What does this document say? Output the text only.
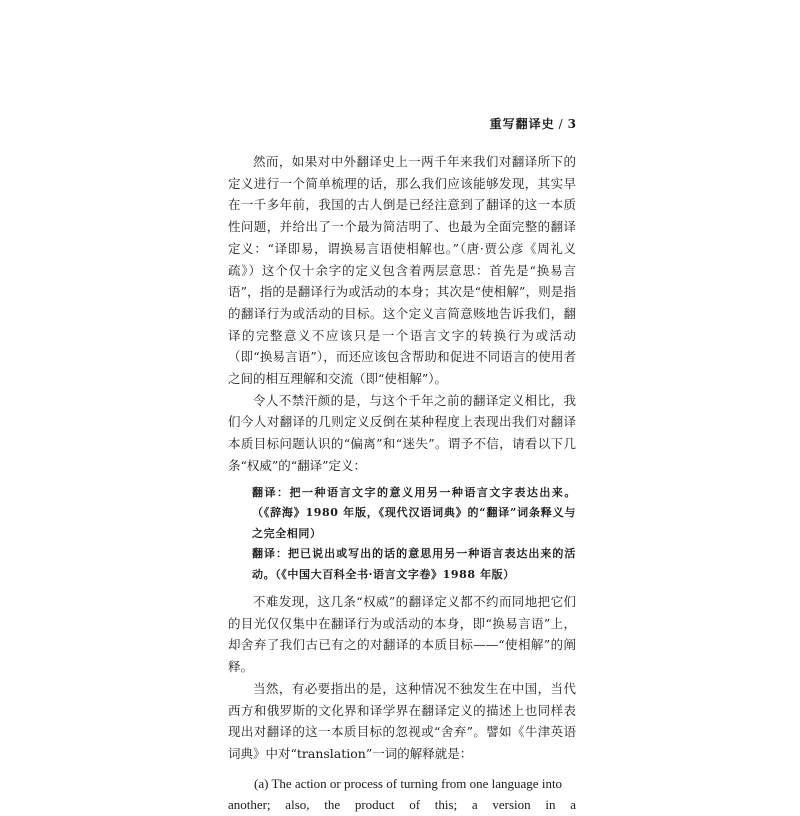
重写翻译史 / 3

然而，如果对中外翻译史上一两千年来我们对翻译所下的定义进行一个简单梳理的话，那么我们应该能够发现，其实早在一千多年前，我国的古人倒是已经注意到了翻译的这一本质性问题，并给出了一个最为简洁明了、也最为全面完整的翻译定义：“译即易，谓换易言语使相解也。”（唐·贾公彦《周礼义疏》）这个仅十余字的定义包含着两层意思：首先是“换易言语”，指的是翻译行为或活动的本身；其次是“使相解”，则是指的翻译行为或活动的目标。这个定义言简意赅地告诉我们，翻译的完整意义不应该只是一个语言文字的转换行为或活动（即“换易言语”），而还应该包含帮助和促进不同语言的使用者之间的相互理解和交流（即“使相解”）。

令人不禁汗颜的是，与这个千年之前的翻译定义相比，我们今人对翻译的几则定义反倒在某种程度上表现出我们对翻译本质目标问题认识的“偏离”和“迷失”。谓予不信，请看以下几条“权威”的“翻译”定义：

翻译：把一种语言文字的意义用另一种语言文字表达出来。（《辞海》1980 年版，《现代汉语词典》的“翻译”词条释义与之完全相同）

翻译：把已说出或写出的话的意思用另一种语言表达出来的活动。（《中国大百科全书·语言文字卷》1988 年版）

不难发现，这几条“权威”的翻译定义都不约而同地把它们的目光仅仅集中在翻译行为或活动的本身，即“换易言语”上，却舍弃了我们古已有之的对翻译的本质目标——“使相解”的阐释。

当然，有必要指出的是，这种情况不独发生在中国，当代西方和俄罗斯的文化界和译学界在翻译定义的描述上也同样表现出对翻译的这一本质目标的忽视或“舍弃”。譬如《牛津英语词典》中对“translation”一词的解释就是：

(a) The action or process of turning from one language into
another; also, the product of this; a version in a
